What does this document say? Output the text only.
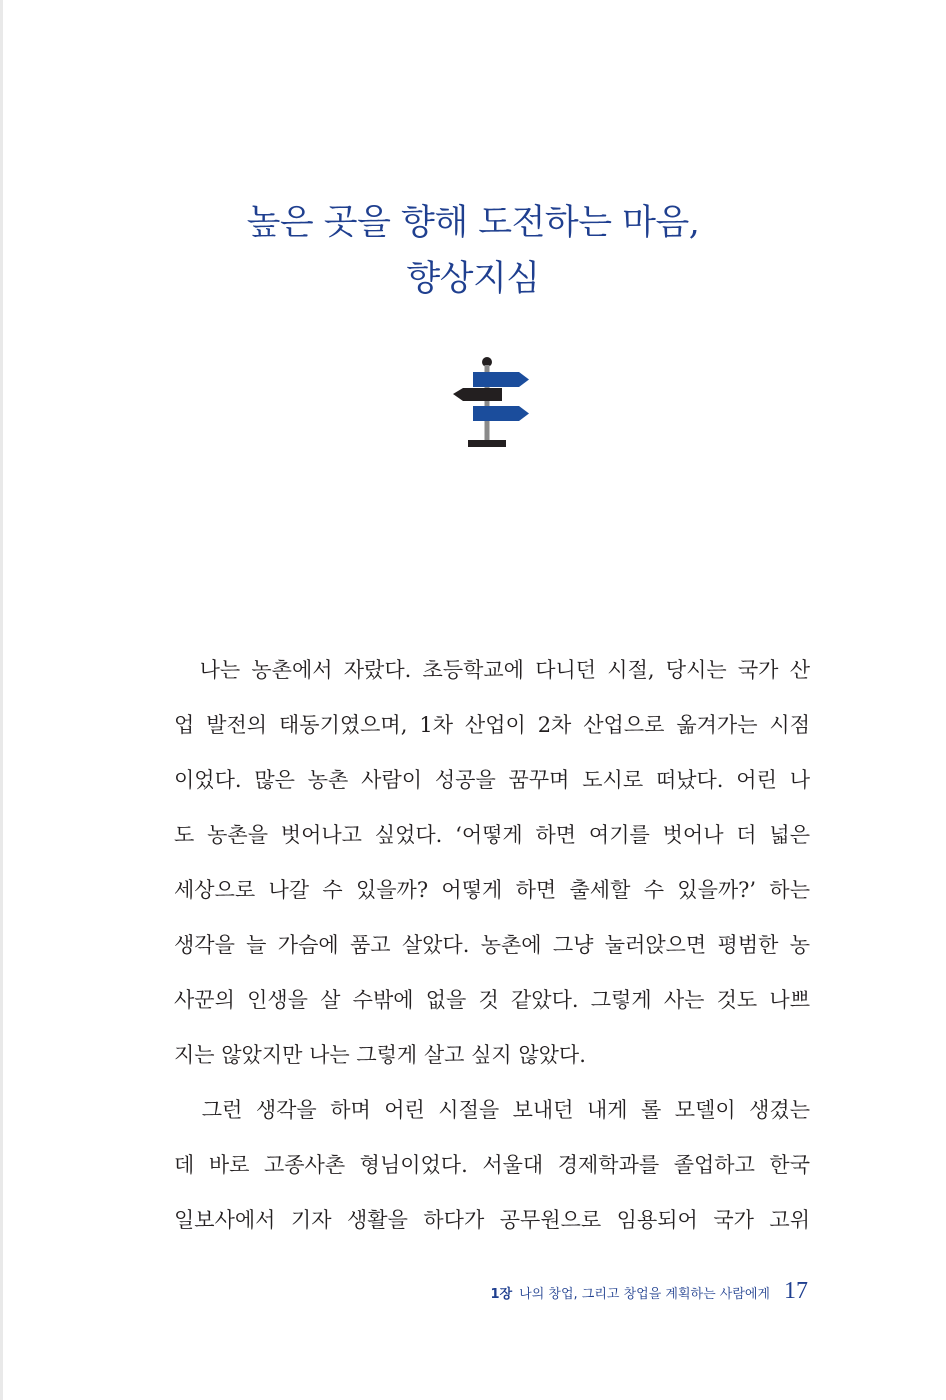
높은 곳을 향해 도전하는 마음,
향상지심
　나는 농촌에서 자랐다. 초등학교에 다니던 시절, 당시는 국가 산
업 발전의 태동기였으며, 1차 산업이 2차 산업으로 옮겨가는 시점
이었다. 많은 농촌 사람이 성공을 꿈꾸며 도시로 떠났다. 어린 나
도 농촌을 벗어나고 싶었다. ‘어떻게 하면 여기를 벗어나 더 넓은
세상으로 나갈 수 있을까? 어떻게 하면 출세할 수 있을까?’ 하는
생각을 늘 가슴에 품고 살았다. 농촌에 그냥 눌러앉으면 평범한 농
사꾼의 인생을 살 수밖에 없을 것 같았다. 그렇게 사는 것도 나쁘
지는 않았지만 나는 그렇게 살고 싶지 않았다.
　그런 생각을 하며 어린 시절을 보내던 내게 롤 모델이 생겼는
데 바로 고종사촌 형님이었다. 서울대 경제학과를 졸업하고 한국
일보사에서 기자 생활을 하다가 공무원으로 임용되어 국가 고위
1장 나의 창업, 그리고 창업을 계획하는 사람에게 17
